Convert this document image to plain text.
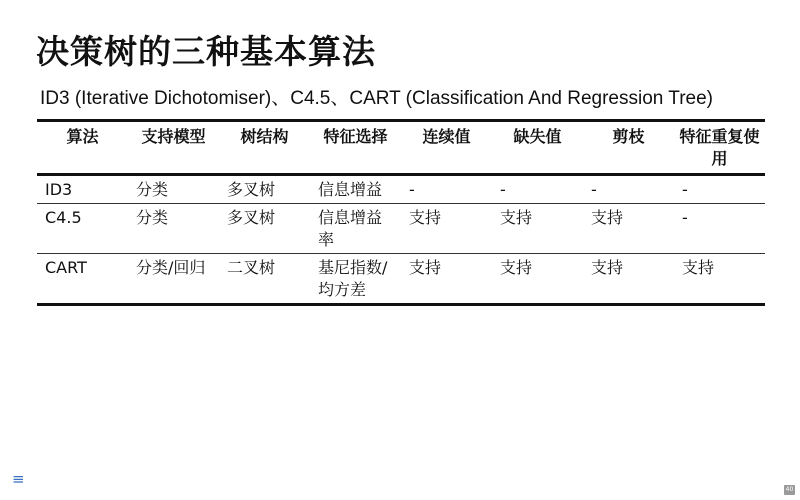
决策树的三种基本算法
ID3 (Iterative Dichotomiser)、C4.5、CART (Classification And Regression Tree)
算法	支持模型	树结构	特征选择	连续值	缺失值	剪枝	特征重复使用
ID3	分类	多叉树	信息增益	-	-	-	-
C4.5	分类	多叉树	信息增益率	支持	支持	支持	-
CART	分类/回归	二叉树	基尼指数/均方差	支持	支持	支持	支持
≡
40
